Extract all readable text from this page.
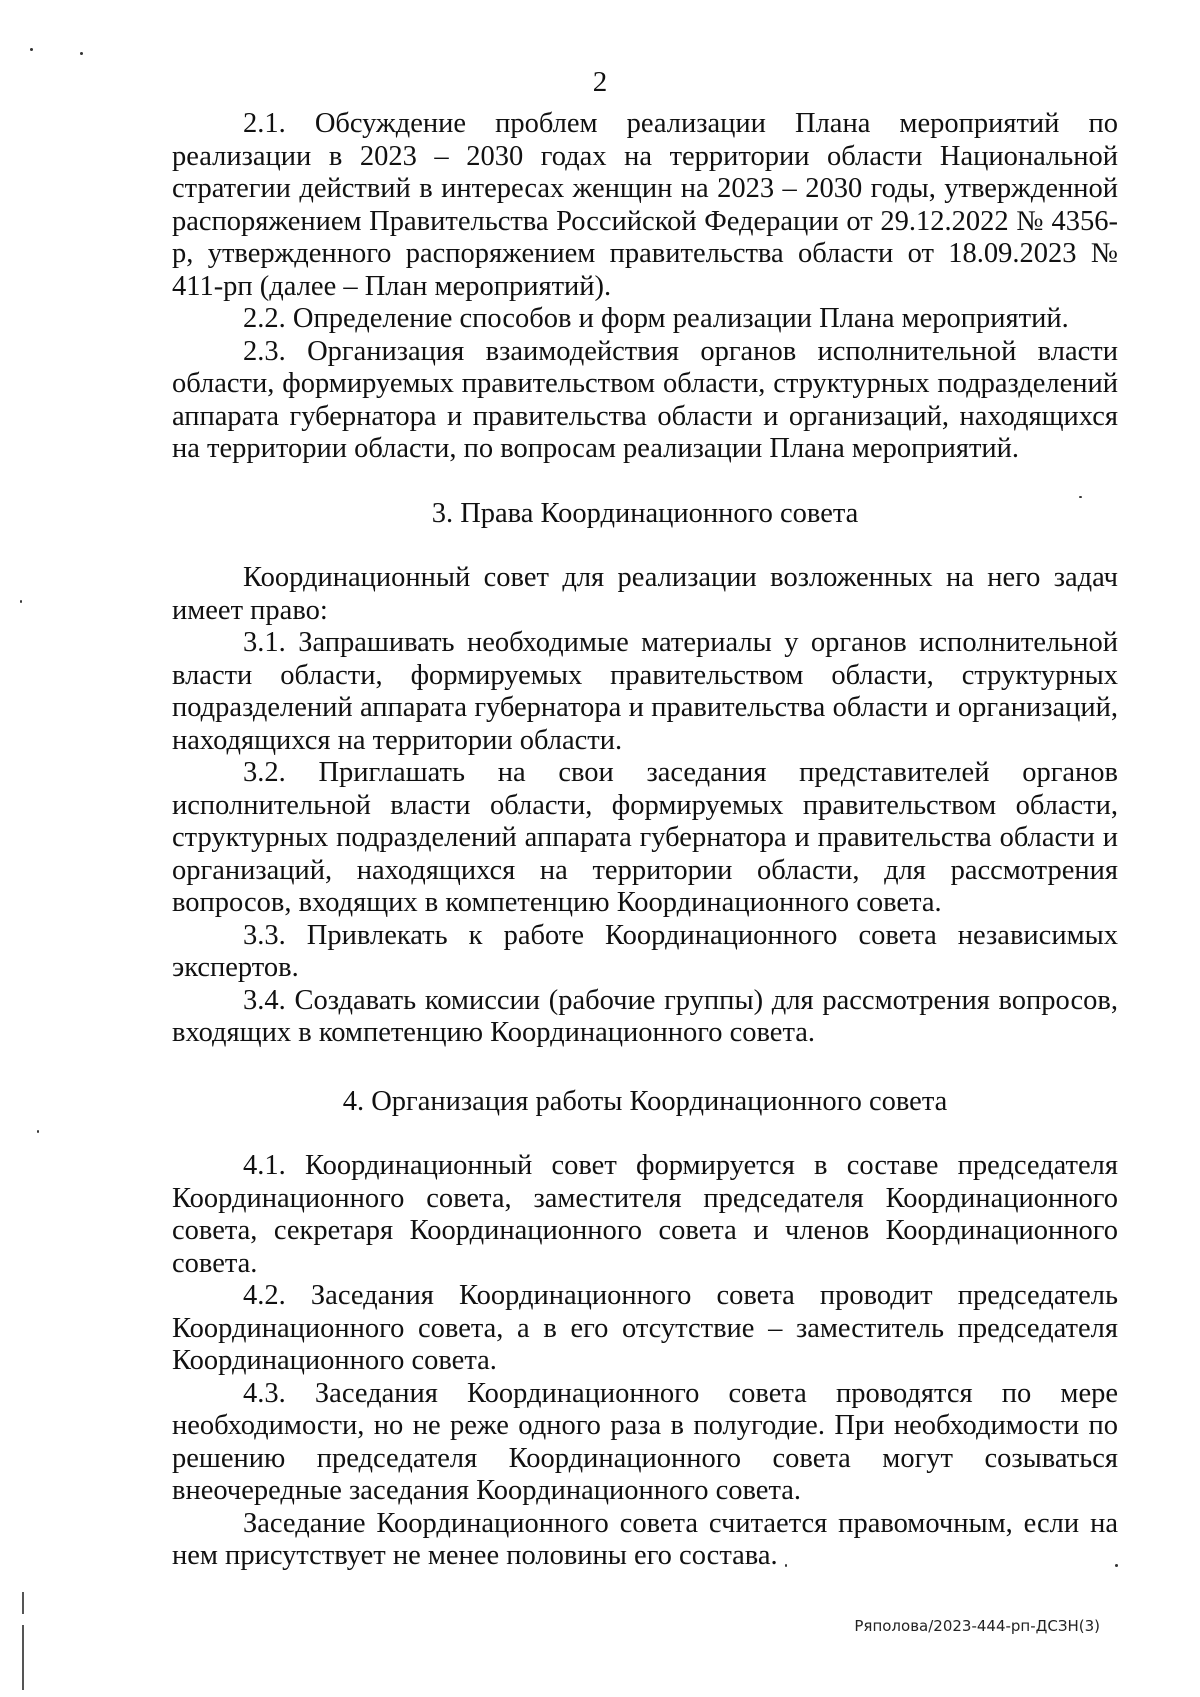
2

2.1. Обсуждение проблем реализации Плана мероприятий по реализации в 2023 – 2030 годах на территории области Национальной стратегии действий в интересах женщин на 2023 – 2030 годы, утвержденной распоряжением Правительства Российской Федерации от 29.12.2022 № 4356-р, утвержденного распоряжением правительства области от 18.09.2023 № 411-рп (далее – План мероприятий).

2.2. Определение способов и форм реализации Плана мероприятий.

2.3. Организация взаимодействия органов исполнительной власти области, формируемых правительством области, структурных подразделений аппарата губернатора и правительства области и организаций, находящихся на территории области, по вопросам реализации Плана мероприятий.

3. Права Координационного совета

Координационный совет для реализации возложенных на него задач имеет право:

3.1. Запрашивать необходимые материалы у органов исполнительной власти области, формируемых правительством области, структурных подразделений аппарата губернатора и правительства области и организаций, находящихся на территории области.

3.2. Приглашать на свои заседания представителей органов исполнительной власти области, формируемых правительством области, структурных подразделений аппарата губернатора и правительства области и организаций, находящихся на территории области, для рассмотрения вопросов, входящих в компетенцию Координационного совета.

3.3. Привлекать к работе Координационного совета независимых экспертов.

3.4. Создавать комиссии (рабочие группы) для рассмотрения вопросов, входящих в компетенцию Координационного совета.

4. Организация работы Координационного совета

4.1. Координационный совет формируется в составе председателя Координационного совета, заместителя председателя Координационного совета, секретаря Координационного совета и членов Координационного совета.

4.2. Заседания Координационного совета проводит председатель Координационного совета, а в его отсутствие – заместитель председателя Координационного совета.

4.3. Заседания Координационного совета проводятся по мере необходимости, но не реже одного раза в полугодие. При необходимости по решению председателя Координационного совета могут созываться внеочередные заседания Координационного совета.

Заседание Координационного совета считается правомочным, если на нем присутствует не менее половины его состава.

Ряполова/2023-444-рп-ДСЗН(3)
